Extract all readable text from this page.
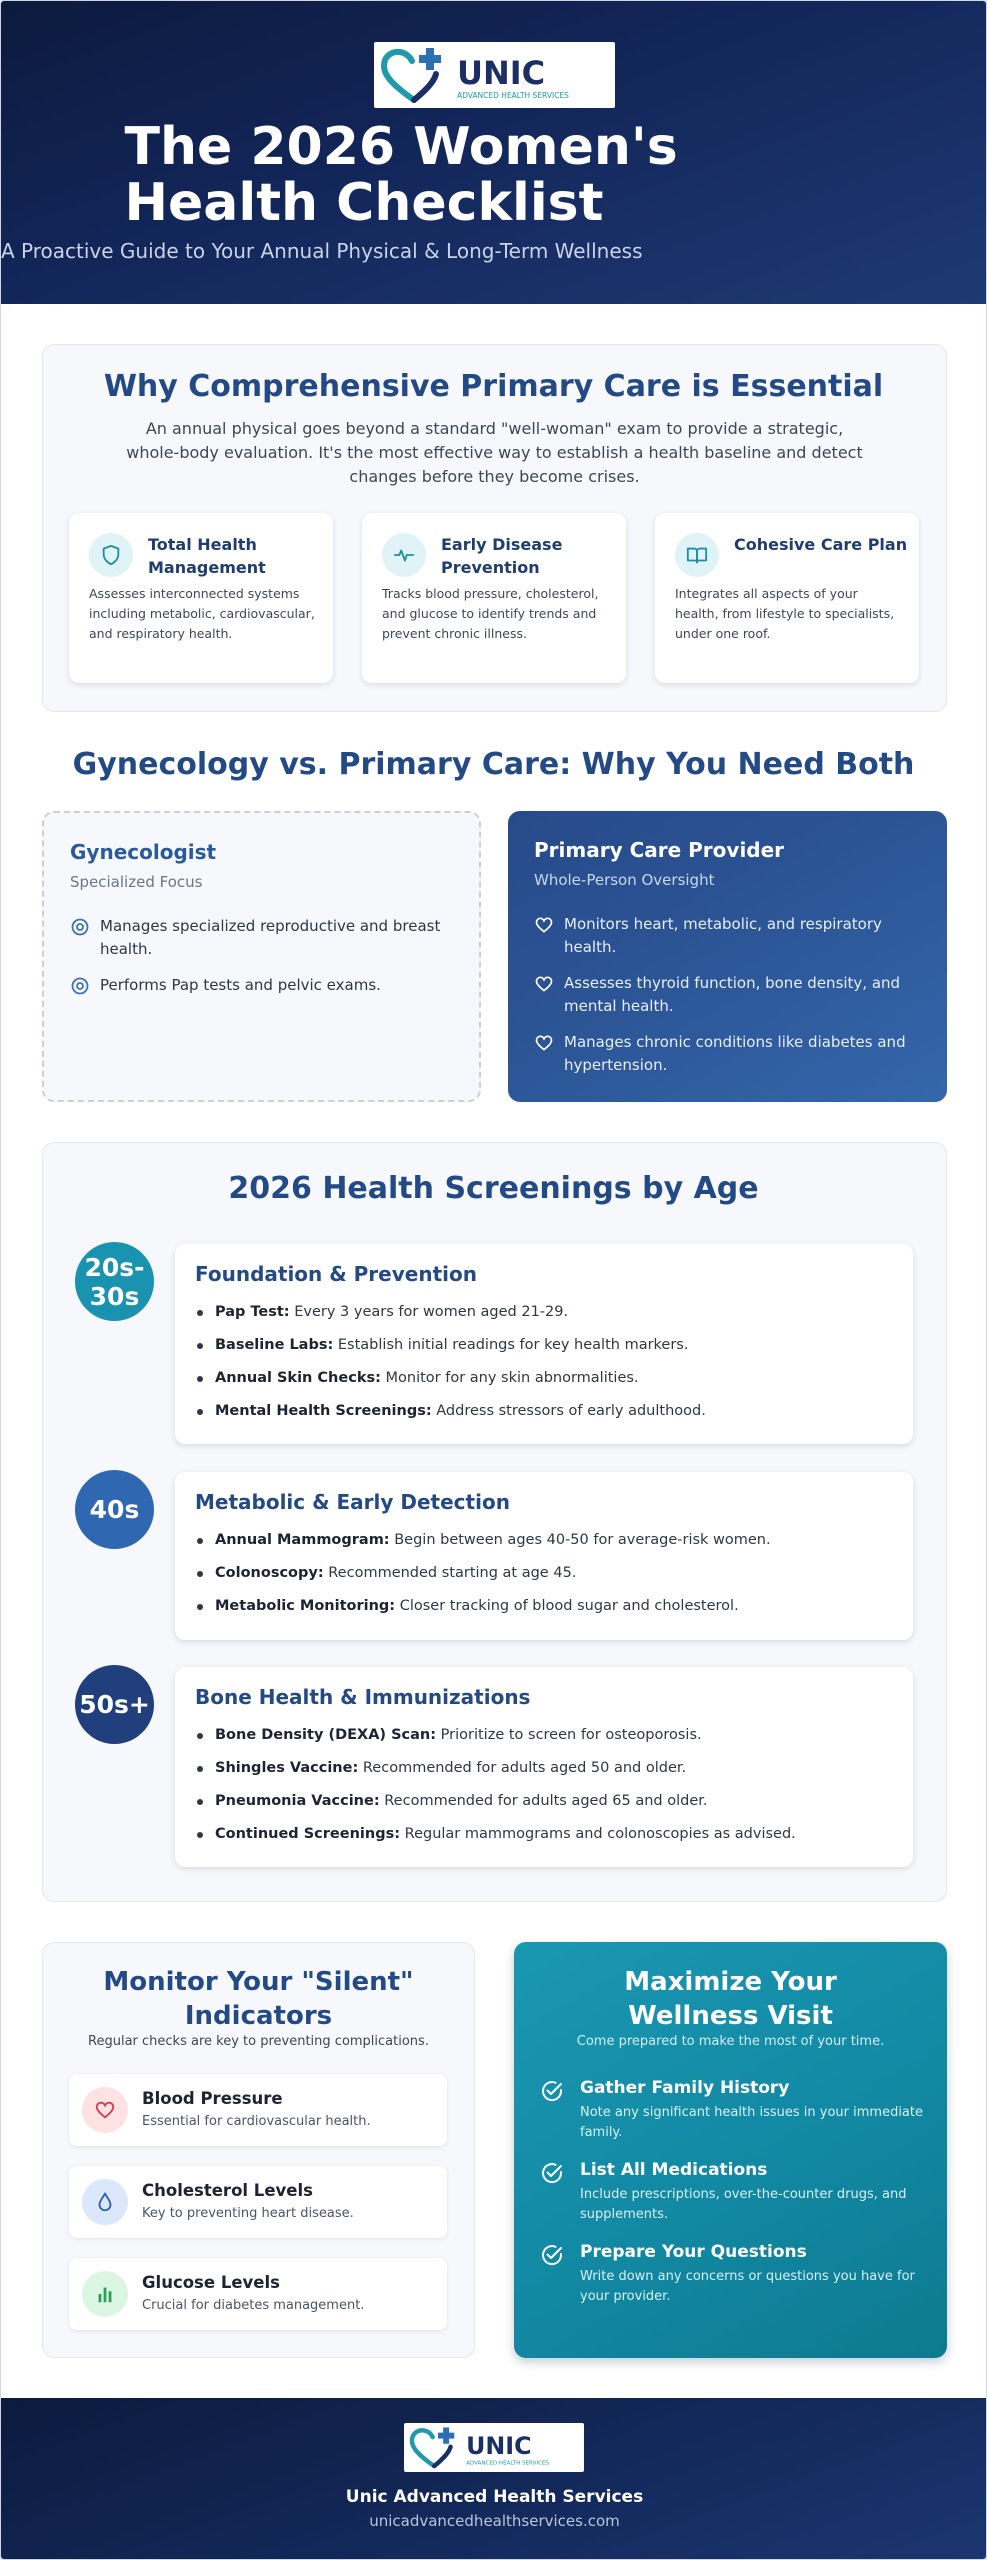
UNIC
ADVANCED HEALTH SERVICES
The 2026 Women's Health Checklist
A Proactive Guide to Your Annual Physical & Long-Term Wellness
Why Comprehensive Primary Care is Essential
An annual physical goes beyond a standard "well-woman" exam to provide a strategic, whole-body evaluation. It's the most effective way to establish a health baseline and detect changes before they become crises.
Total Health Management
Assesses interconnected systems including metabolic, cardiovascular, and respiratory health.
Early Disease Prevention
Tracks blood pressure, cholesterol, and glucose to identify trends and prevent chronic illness.
Cohesive Care Plan
Integrates all aspects of your health, from lifestyle to specialists, under one roof.
Gynecology vs. Primary Care: Why You Need Both
Gynecologist
Specialized Focus
Manages specialized reproductive and breast health.
Performs Pap tests and pelvic exams.
Primary Care Provider
Whole-Person Oversight
Monitors heart, metabolic, and respiratory health.
Assesses thyroid function, bone density, and mental health.
Manages chronic conditions like diabetes and hypertension.
2026 Health Screenings by Age
20s-30s
Foundation & Prevention
Pap Test: Every 3 years for women aged 21-29.
Baseline Labs: Establish initial readings for key health markers.
Annual Skin Checks: Monitor for any skin abnormalities.
Mental Health Screenings: Address stressors of early adulthood.
40s	Metabolic & Early Detection
Annual Mammogram: Begin between ages 40-50 for average-risk women.
Colonoscopy: Recommended starting at age 45.
Metabolic Monitoring: Closer tracking of blood sugar and cholesterol.
50s+ Bone Health & Immunizations
Bone Density (DEXA) Scan: Prioritize to screen for osteoporosis.
Shingles Vaccine: Recommended for adults aged 50 and older.
Pneumonia Vaccine: Recommended for adults aged 65 and older.
Continued Screenings: Regular mammograms and colonoscopies as advised.
Monitor Your "Silent" Indicators
Regular checks are key to preventing complications.
Blood Pressure
Essential for cardiovascular health.
Cholesterol Levels
Key to preventing heart disease.
Glucose Levels
Crucial for diabetes management.
Maximize Your Wellness Visit
Come prepared to make the most of your time.
Gather Family History
Note any significant health issues in your immediate family.
List All Medications
Include prescriptions, over-the-counter drugs, and supplements.
Prepare Your Questions
Write down any concerns or questions you have for your provider.
UNIC
ADVANCED HEALTH SERVICES
Unic Advanced Health Services
unicadvancedhealthservices.com
